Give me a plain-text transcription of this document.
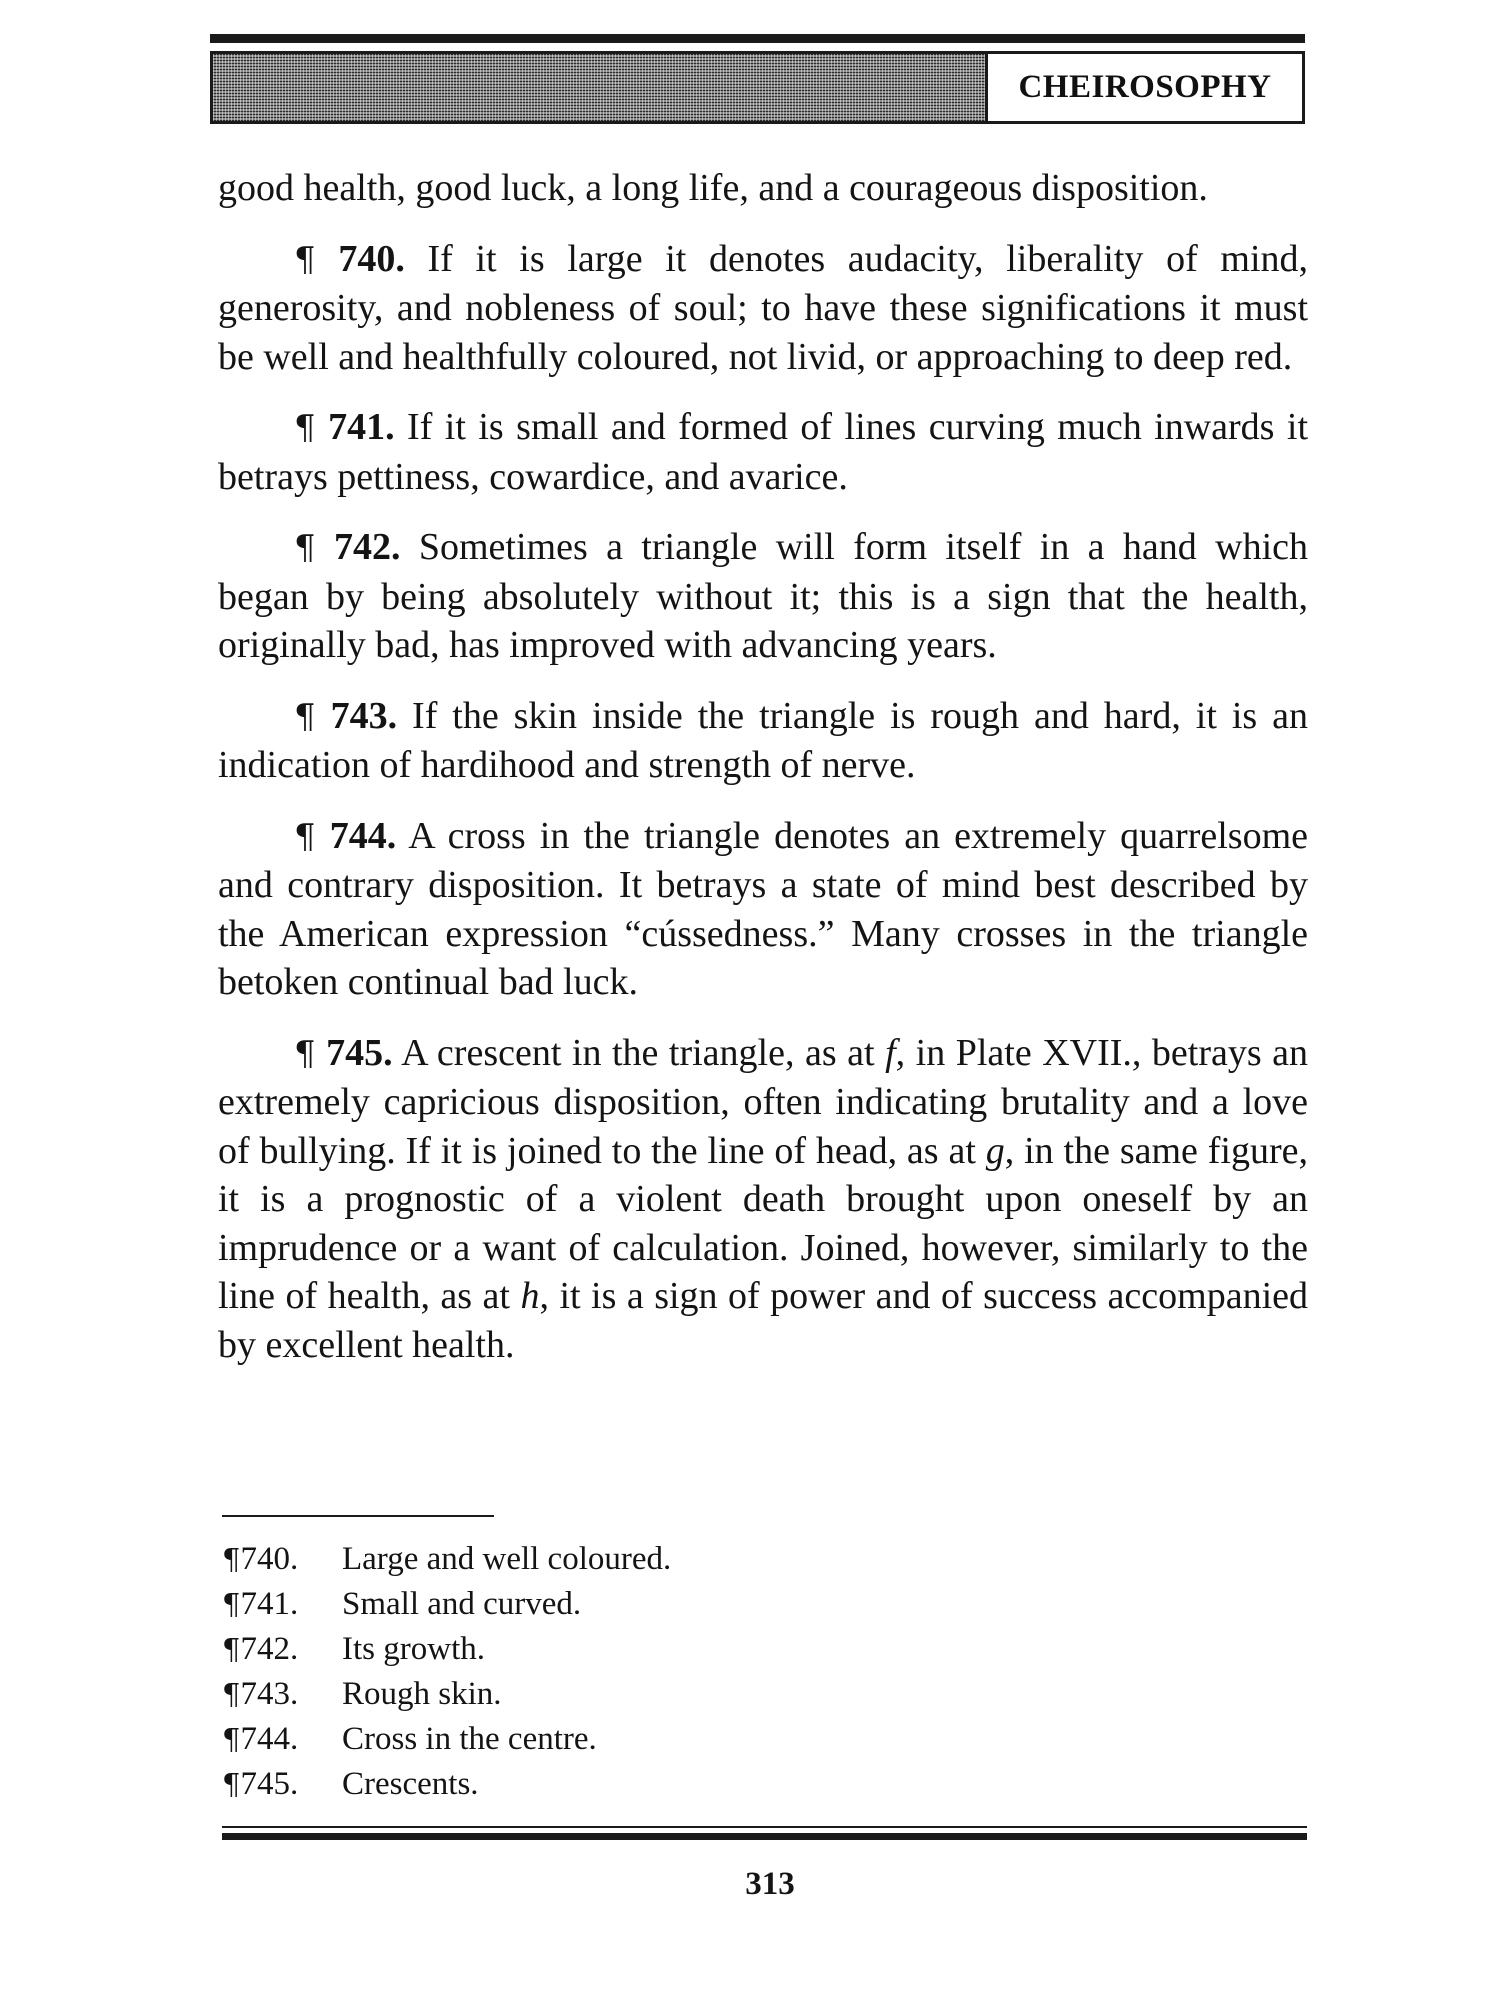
CHEIROSOPHY

good health, good luck, a long life, and a courageous disposition.

¶ 740. If it is large it denotes audacity, liberality of mind, generosity, and nobleness of soul; to have these significations it must be well and healthfully coloured, not livid, or approaching to deep red.

¶ 741. If it is small and formed of lines curving much inwards it betrays pettiness, cowardice, and avarice.

¶ 742. Sometimes a triangle will form itself in a hand which began by being absolutely without it; this is a sign that the health, originally bad, has improved with advancing years.

¶ 743. If the skin inside the triangle is rough and hard, it is an indication of hardihood and strength of nerve.

¶ 744. A cross in the triangle denotes an extremely quarrelsome and contrary disposition. It betrays a state of mind best described by the American expression “cússedness.” Many crosses in the triangle betoken continual bad luck.

¶ 745. A crescent in the triangle, as at f, in Plate XVII., betrays an extremely capricious disposition, often indicating brutality and a love of bullying. If it is joined to the line of head, as at g, in the same figure, it is a prognostic of a violent death brought upon oneself by an imprudence or a want of calculation. Joined, however, similarly to the line of health, as at h, it is a sign of power and of success accompanied by excellent health.

¶740.	Large and well coloured.
¶741.	Small and curved.
¶742.	Its growth.
¶743.	Rough skin.
¶744.	Cross in the centre.
¶745.	Crescents.
313
